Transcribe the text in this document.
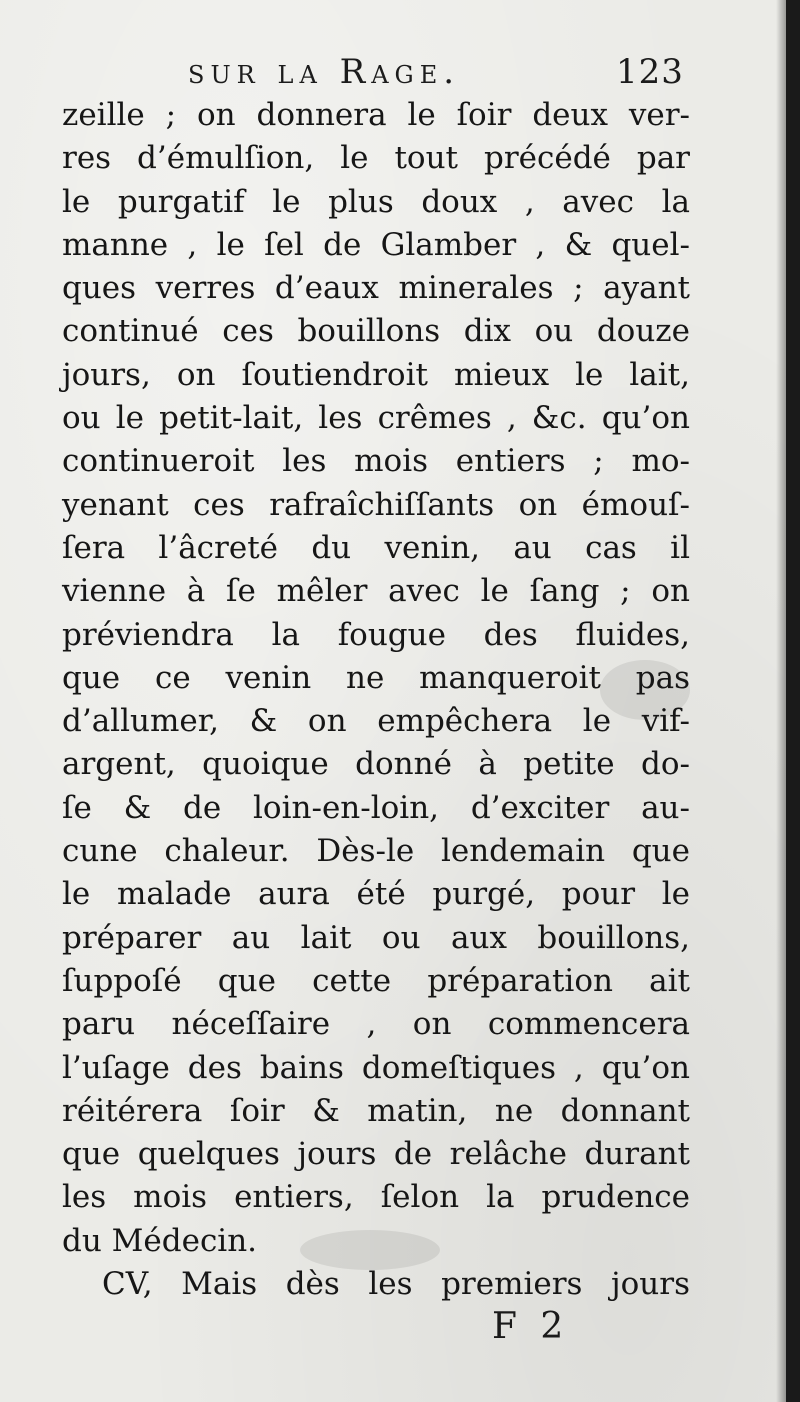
sur la Rage.	123
zeille ; on donnera le ſoir deux ver-
res d’émulſion, le tout précédé par
le purgatif le plus doux , avec la
manne , le ſel de Glamber , & quel-
ques verres d’eaux minerales ; ayant
continué ces bouillons dix ou douze
jours, on ſoutiendroit mieux le lait,
ou le petit-lait, les crêmes , &c. qu’on
continueroit les mois entiers ; mo-
yenant ces rafraîchiſſants on émouſ-
ſera l’âcreté du venin, au cas il
vienne à ſe mêler avec le ſang ; on
préviendra la fougue des fluides,
que ce venin ne manqueroit pas
d’allumer, & on empêchera le vif-
argent, quoique donné à petite do-
ſe & de loin-en-loin, d’exciter au-
cune chaleur. Dès-le lendemain que
le malade aura été purgé, pour le
préparer au lait ou aux bouillons,
ſuppoſé que cette préparation ait
paru néceſſaire , on commencera
l’uſage des bains domeſtiques , qu’on
réitérera ſoir & matin, ne donnant
que quelques jours de relâche durant
les mois entiers, ſelon la prudence
du Médecin.
CV, Mais dès les premiers jours
F 2
